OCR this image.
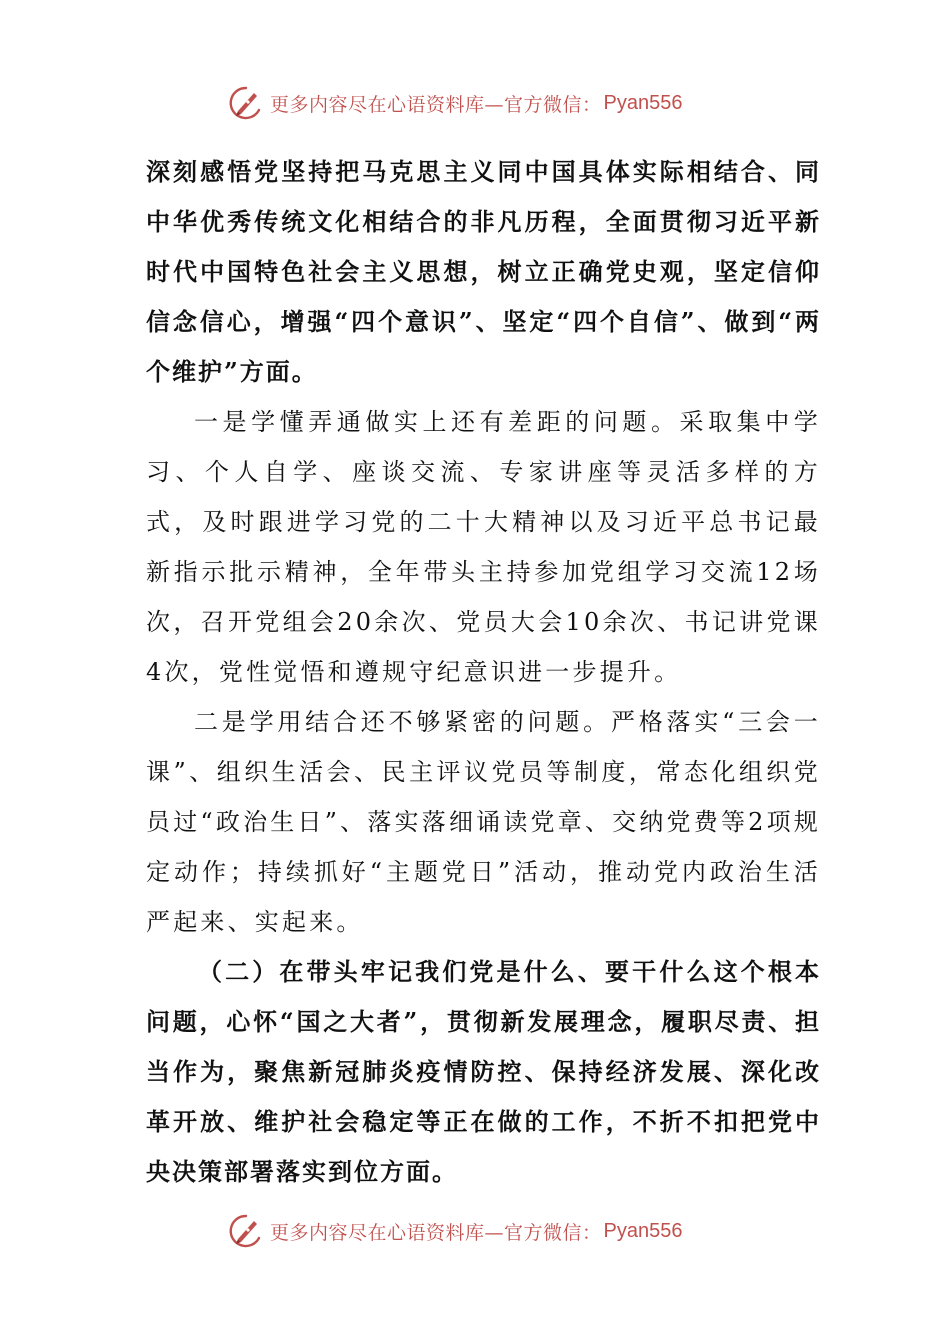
更多内容尽在心语资料库—官方微信： Pyan556

深刻感悟党坚持把马克思主义同中国具体实际相结合、同中华优秀传统文化相结合的非凡历程，全面贯彻习近平新时代中国特色社会主义思想，树立正确党史观，坚定信仰信念信心，增强“四个意识”、坚定“四个自信”、做到“两个维护”方面。

一是学懂弄通做实上还有差距的问题。采取集中学习、个人自学、座谈交流、专家讲座等灵活多样的方式，及时跟进学习党的二十大精神以及习近平总书记最新指示批示精神，全年带头主持参加党组学习交流12场次，召开党组会20余次、党员大会10余次、书记讲党课4次，党性觉悟和遵规守纪意识进一步提升。

二是学用结合还不够紧密的问题。严格落实“三会一课”、组织生活会、民主评议党员等制度，常态化组织党员过“政治生日”、落实落细诵读党章、交纳党费等2项规定动作；持续抓好“主题党日”活动，推动党内政治生活严起来、实起来。

（二）在带头牢记我们党是什么、要干什么这个根本问题，心怀“国之大者”，贯彻新发展理念，履职尽责、担当作为，聚焦新冠肺炎疫情防控、保持经济发展、深化改革开放、维护社会稳定等正在做的工作，不折不扣把党中央决策部署落实到位方面。

更多内容尽在心语资料库—官方微信： Pyan556
